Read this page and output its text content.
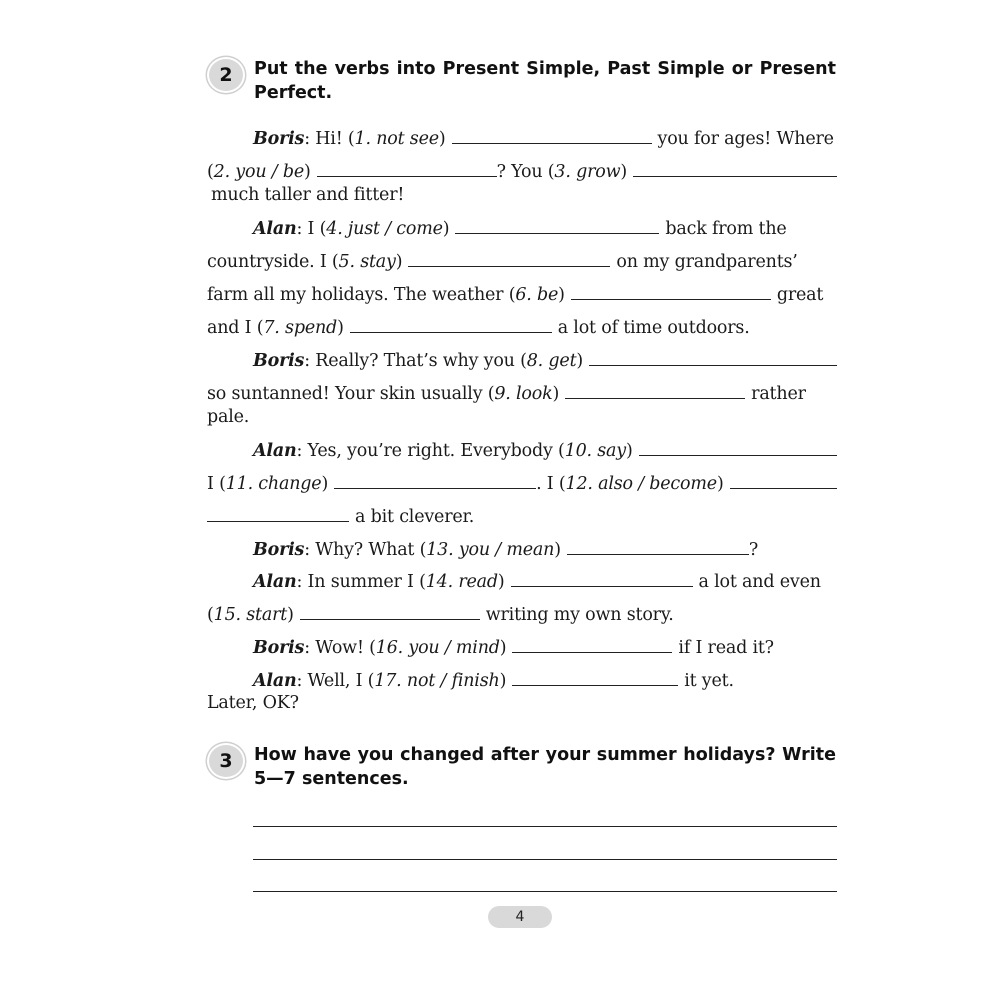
2	Put the verbs into Present Simple, Past Simple or Present Perfect.
Boris : Hi! ( 1. not see )	you for ages! Where
( 2. you / be )	? You ( 3. grow )
much taller and fitter!
Alan : I ( 4. just / come )	back from the
countryside. I ( 5. stay )	on my grandparents’
farm all my holidays. The weather ( 6. be )	great
and I ( 7. spend )	a lot of time outdoors.
Boris : Really? That’s why you ( 8. get )
so suntanned! Your skin usually ( 9. look )	rather
pale.
Alan : Yes, you’re right. Everybody ( 10. say )
I ( 11. change )	. I ( 12. also / become )
a bit cleverer.
Boris : Why? What ( 13. you / mean )	?
Alan : In summer I ( 14. read )	a lot and even
( 15. start )	writing my own story.
Boris : Wow! ( 16. you / mind )	if I read it?
Alan : Well, I ( 17. not / finish )	it yet.
Later, OK?
3	How have you changed after your summer holidays? Write 5—7 sentences.
4
